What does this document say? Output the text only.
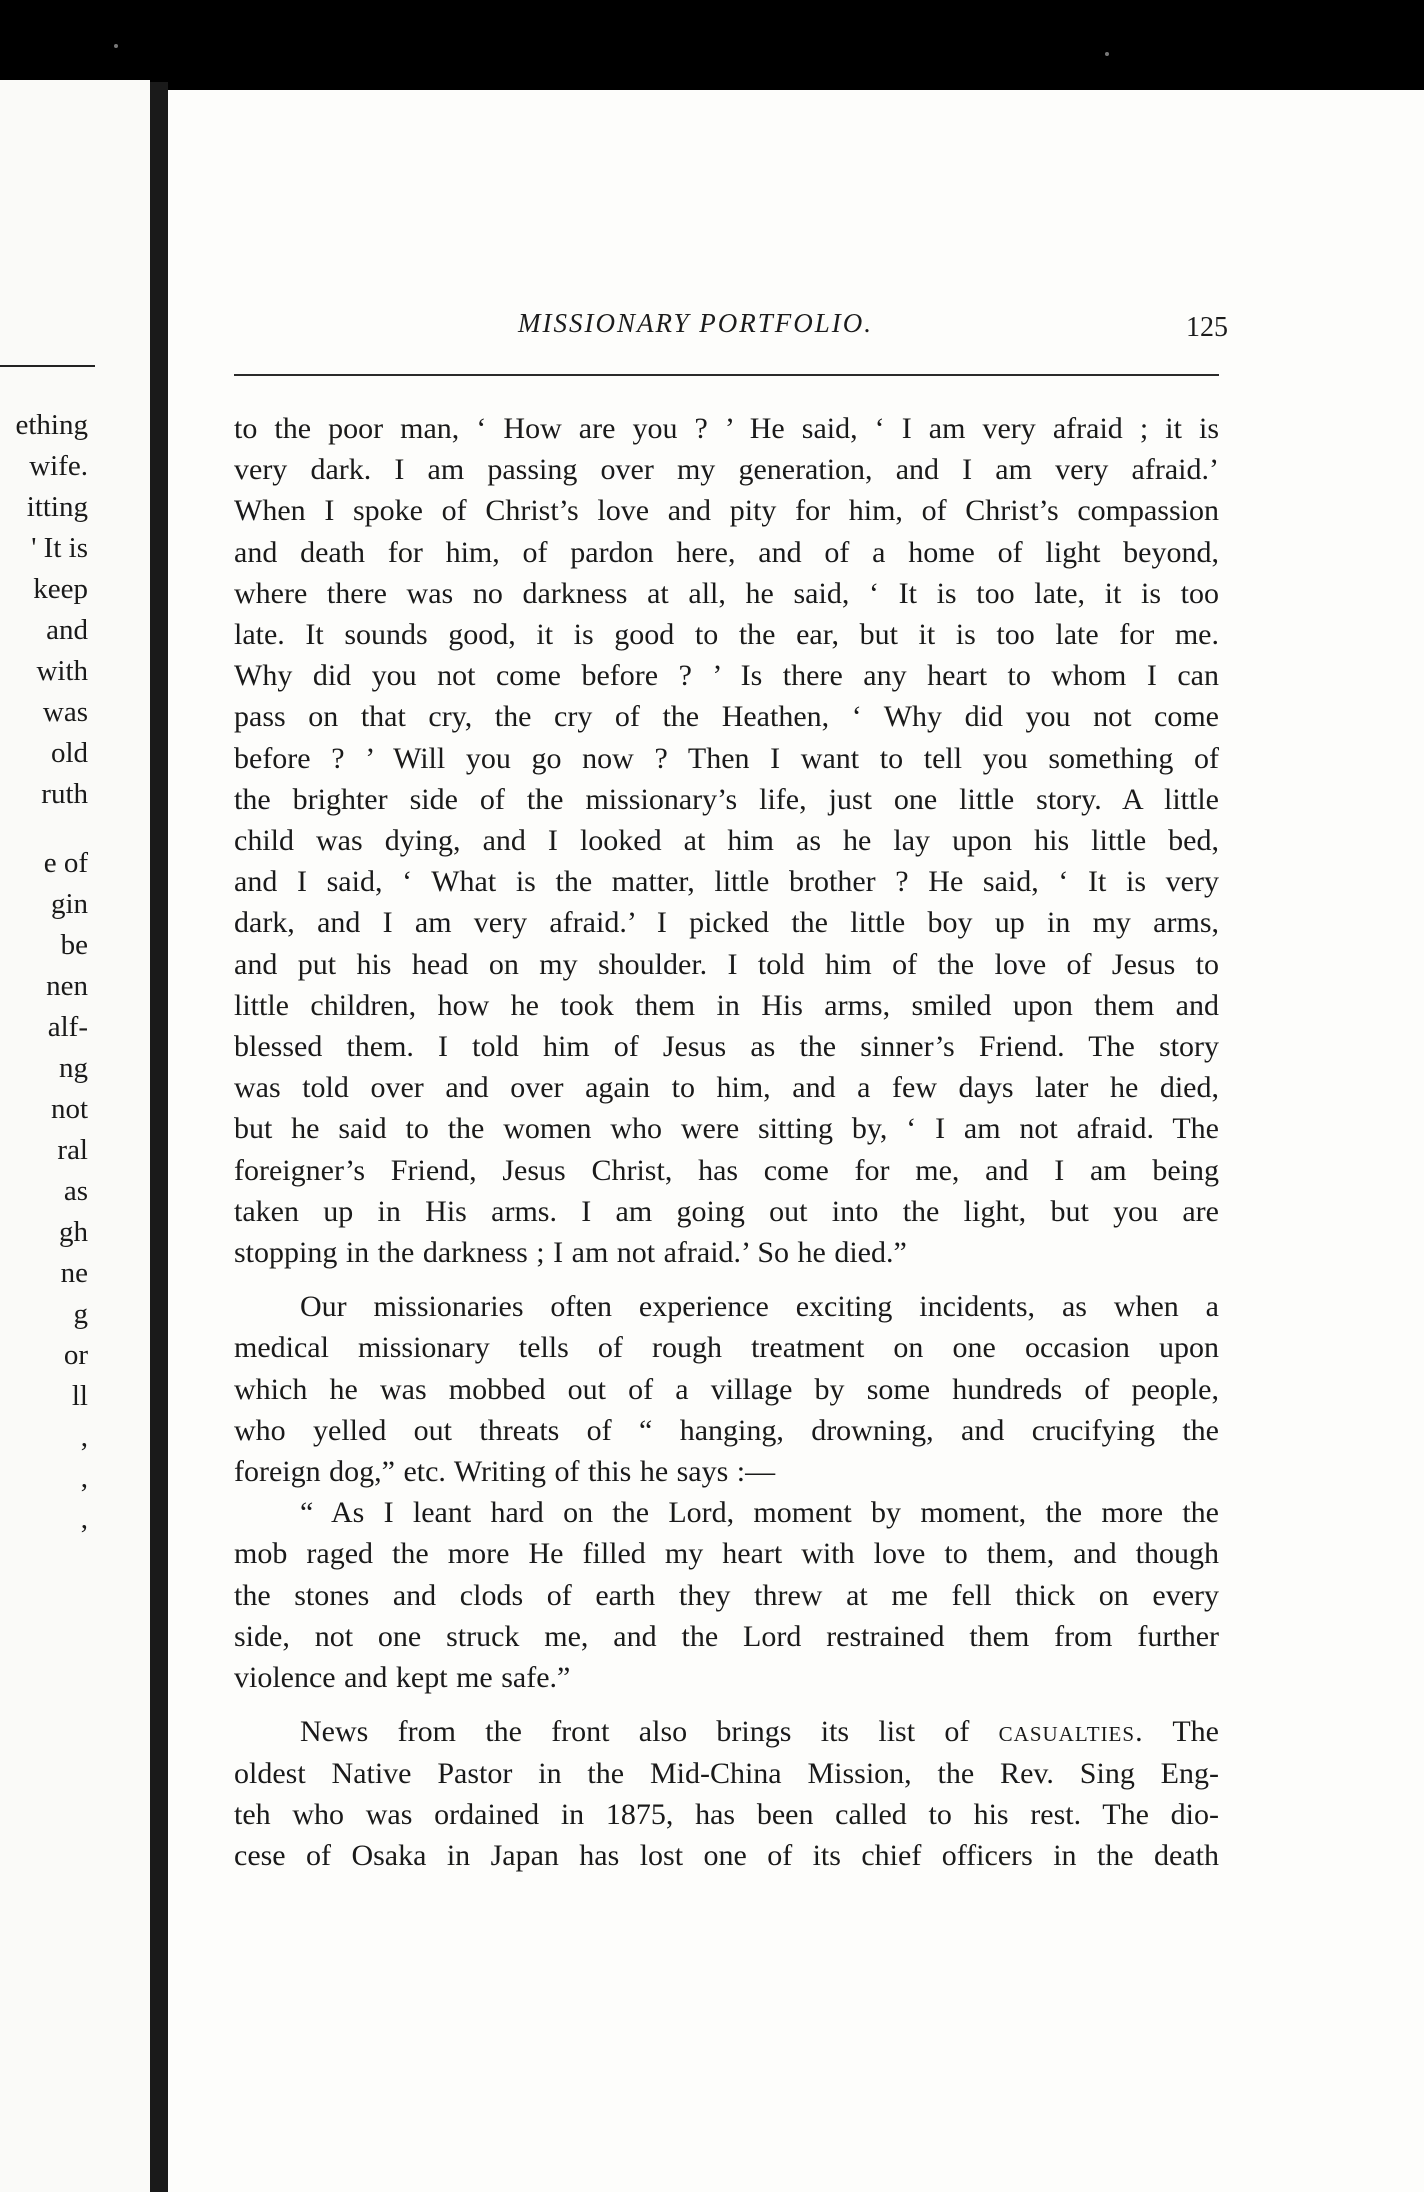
ething
wife.
itting
' It is
keep
and
with
was
old
ruth
e of
gin
be
nen
alf-
ng
not
ral
as
gh
ne
g
or
ll
,
,
,
MISSIONARY PORTFOLIO.	125

to the poor man, ‘ How are you ? ’ He said, ‘ I am very afraid ; it is

very dark. I am passing over my generation, and I am very afraid.’

When I spoke of Christ’s love and pity for him, of Christ’s compassion

and death for him, of pardon here, and of a home of light beyond,

where there was no darkness at all, he said, ‘ It is too late, it is too

late. It sounds good, it is good to the ear, but it is too late for me.

Why did you not come before ? ’ Is there any heart to whom I can

pass on that cry, the cry of the Heathen, ‘ Why did you not come

before ? ’ Will you go now ? Then I want to tell you something of

the brighter side of the missionary’s life, just one little story. A little

child was dying, and I looked at him as he lay upon his little bed,

and I said, ‘ What is the matter, little brother ? He said, ‘ It is very

dark, and I am very afraid.’ I picked the little boy up in my arms,

and put his head on my shoulder. I told him of the love of Jesus to

little children, how he took them in His arms, smiled upon them and

blessed them. I told him of Jesus as the sinner’s Friend. The story

was told over and over again to him, and a few days later he died,

but he said to the women who were sitting by, ‘ I am not afraid. The

foreigner’s Friend, Jesus Christ, has come for me, and I am being

taken up in His arms. I am going out into the light, but you are

stopping in the darkness ; I am not afraid.’ So he died.”

Our missionaries often experience exciting incidents, as when a

medical missionary tells of rough treatment on one occasion upon

which he was mobbed out of a village by some hundreds of people,

who yelled out threats of “ hanging, drowning, and crucifying the

foreign dog,” etc. Writing of this he says :—

“ As I leant hard on the Lord, moment by moment, the more the

mob raged the more He filled my heart with love to them, and though

the stones and clods of earth they threw at me fell thick on every

side, not one struck me, and the Lord restrained them from further

violence and kept me safe.”

News from the front also brings its list of casualties. The

oldest Native Pastor in the Mid-China Mission, the Rev. Sing Eng-

teh who was ordained in 1875, has been called to his rest. The dio-

cese of Osaka in Japan has lost one of its chief officers in the death
